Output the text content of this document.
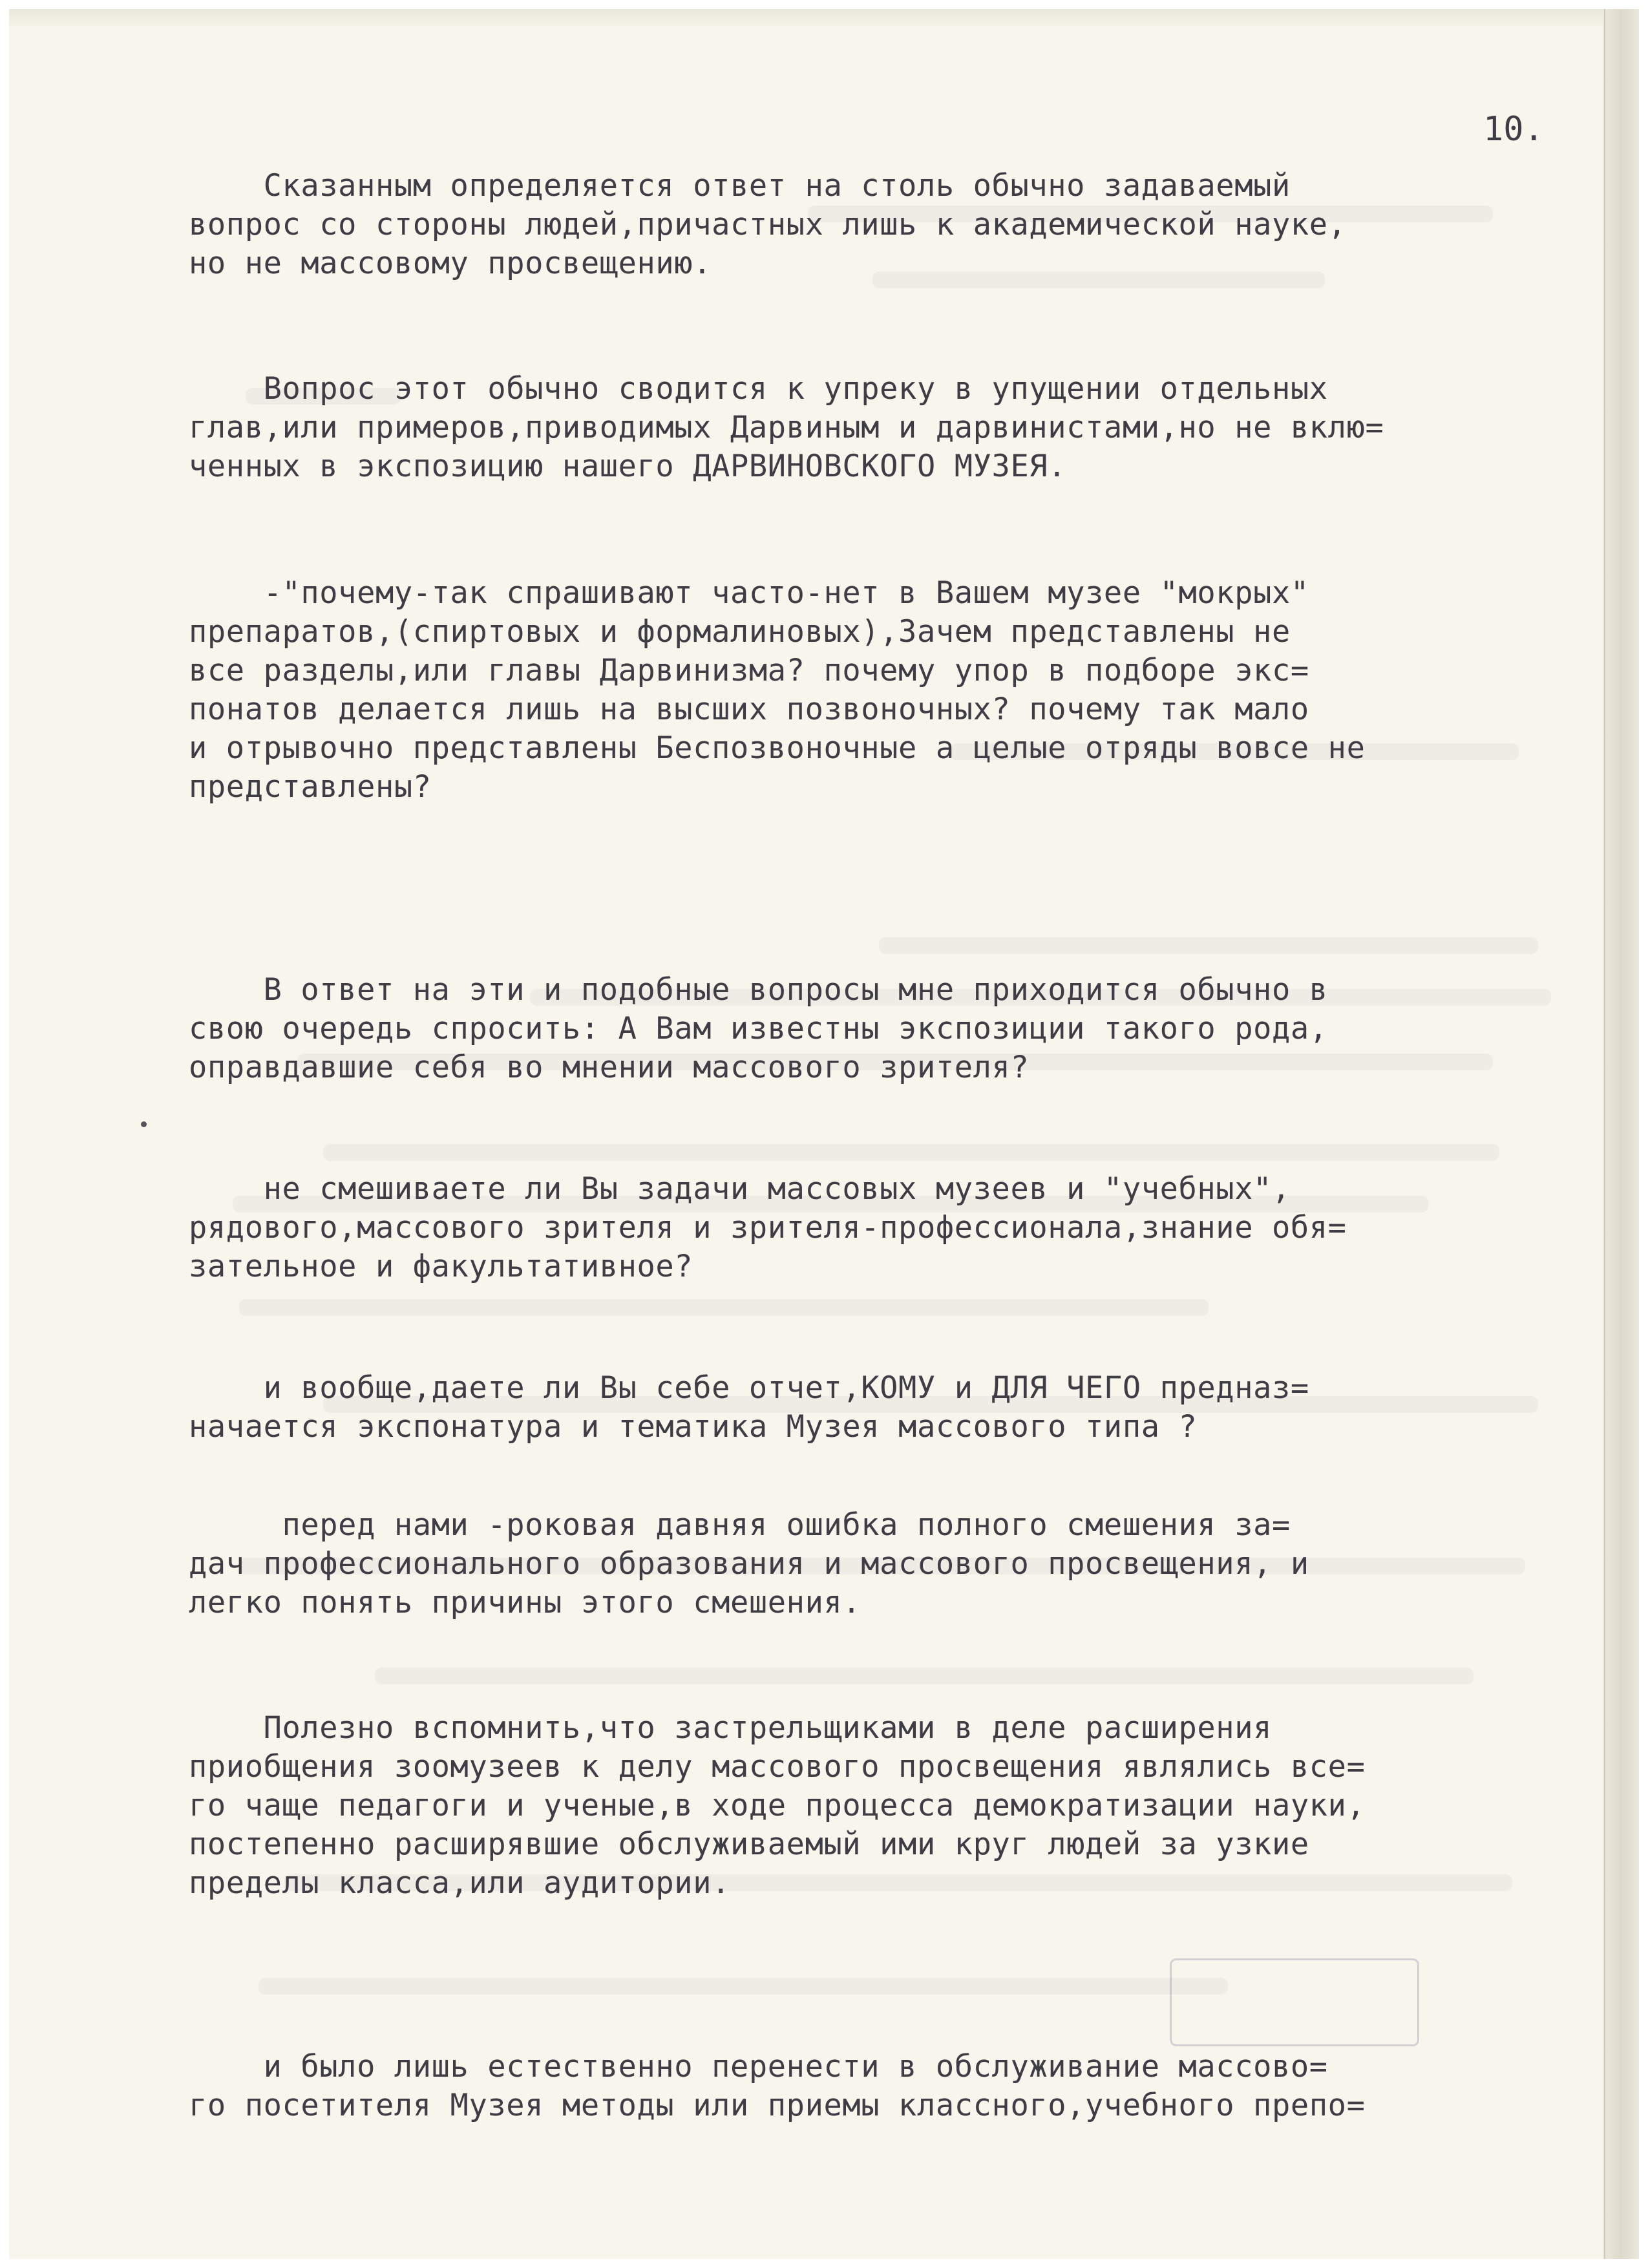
10.
Сказанным определяется ответ на столь обычно задаваемый
вопрос со стороны людей,причастных лишь к академической науке,
но не массовому просвещению.
Вопрос этот обычно сводится к упреку в упущении отдельных
глав,или примеров,приводимых Дарвиным и дарвинистами,но не вклю=
ченных в экспозицию нашего ДАРВИНОВСКОГО МУЗЕЯ.
-"почему-так спрашивают часто-нет в Вашем музее "мокрых"
препаратов,(спиртовых и формалиновых),Зачем представлены не
все разделы,или главы Дарвинизма? почему упор в подборе экс=
понатов делается лишь на высших позвоночных? почему так мало
и отрывочно представлены Беспозвоночные а целые отряды вовсе не
представлены?
В ответ на эти и подобные вопросы мне приходится обычно в
свою очередь спросить: А Вам известны экспозиции такого рода,
оправдавшие себя во мнении массового зрителя?
не смешиваете ли Вы задачи массовых музеев и "учебных",
рядового,массового зрителя и зрителя-профессионала,знание обя=
зательное и факультативное?
и вообще,даете ли Вы себе отчет,КОМУ и ДЛЯ ЧЕГО предназ=
начается экспонатура и тематика Музея массового типа ?
перед нами -роковая давняя ошибка полного смешения за=
дач профессионального образования и массового просвещения, и
легко понять причины этого смешения.
Полезно вспомнить,что застрельщиками в деле расширения
приобщения зоомузеев к делу массового просвещения являлись все=
го чаще педагоги и ученые,в ходе процесса демократизации науки,
постепенно расширявшие обслуживаемый ими круг людей за узкие
пределы класса,или аудитории.
и было лишь естественно перенести в обслуживание массово=
го посетителя Музея методы или приемы классного,учебного препо=
